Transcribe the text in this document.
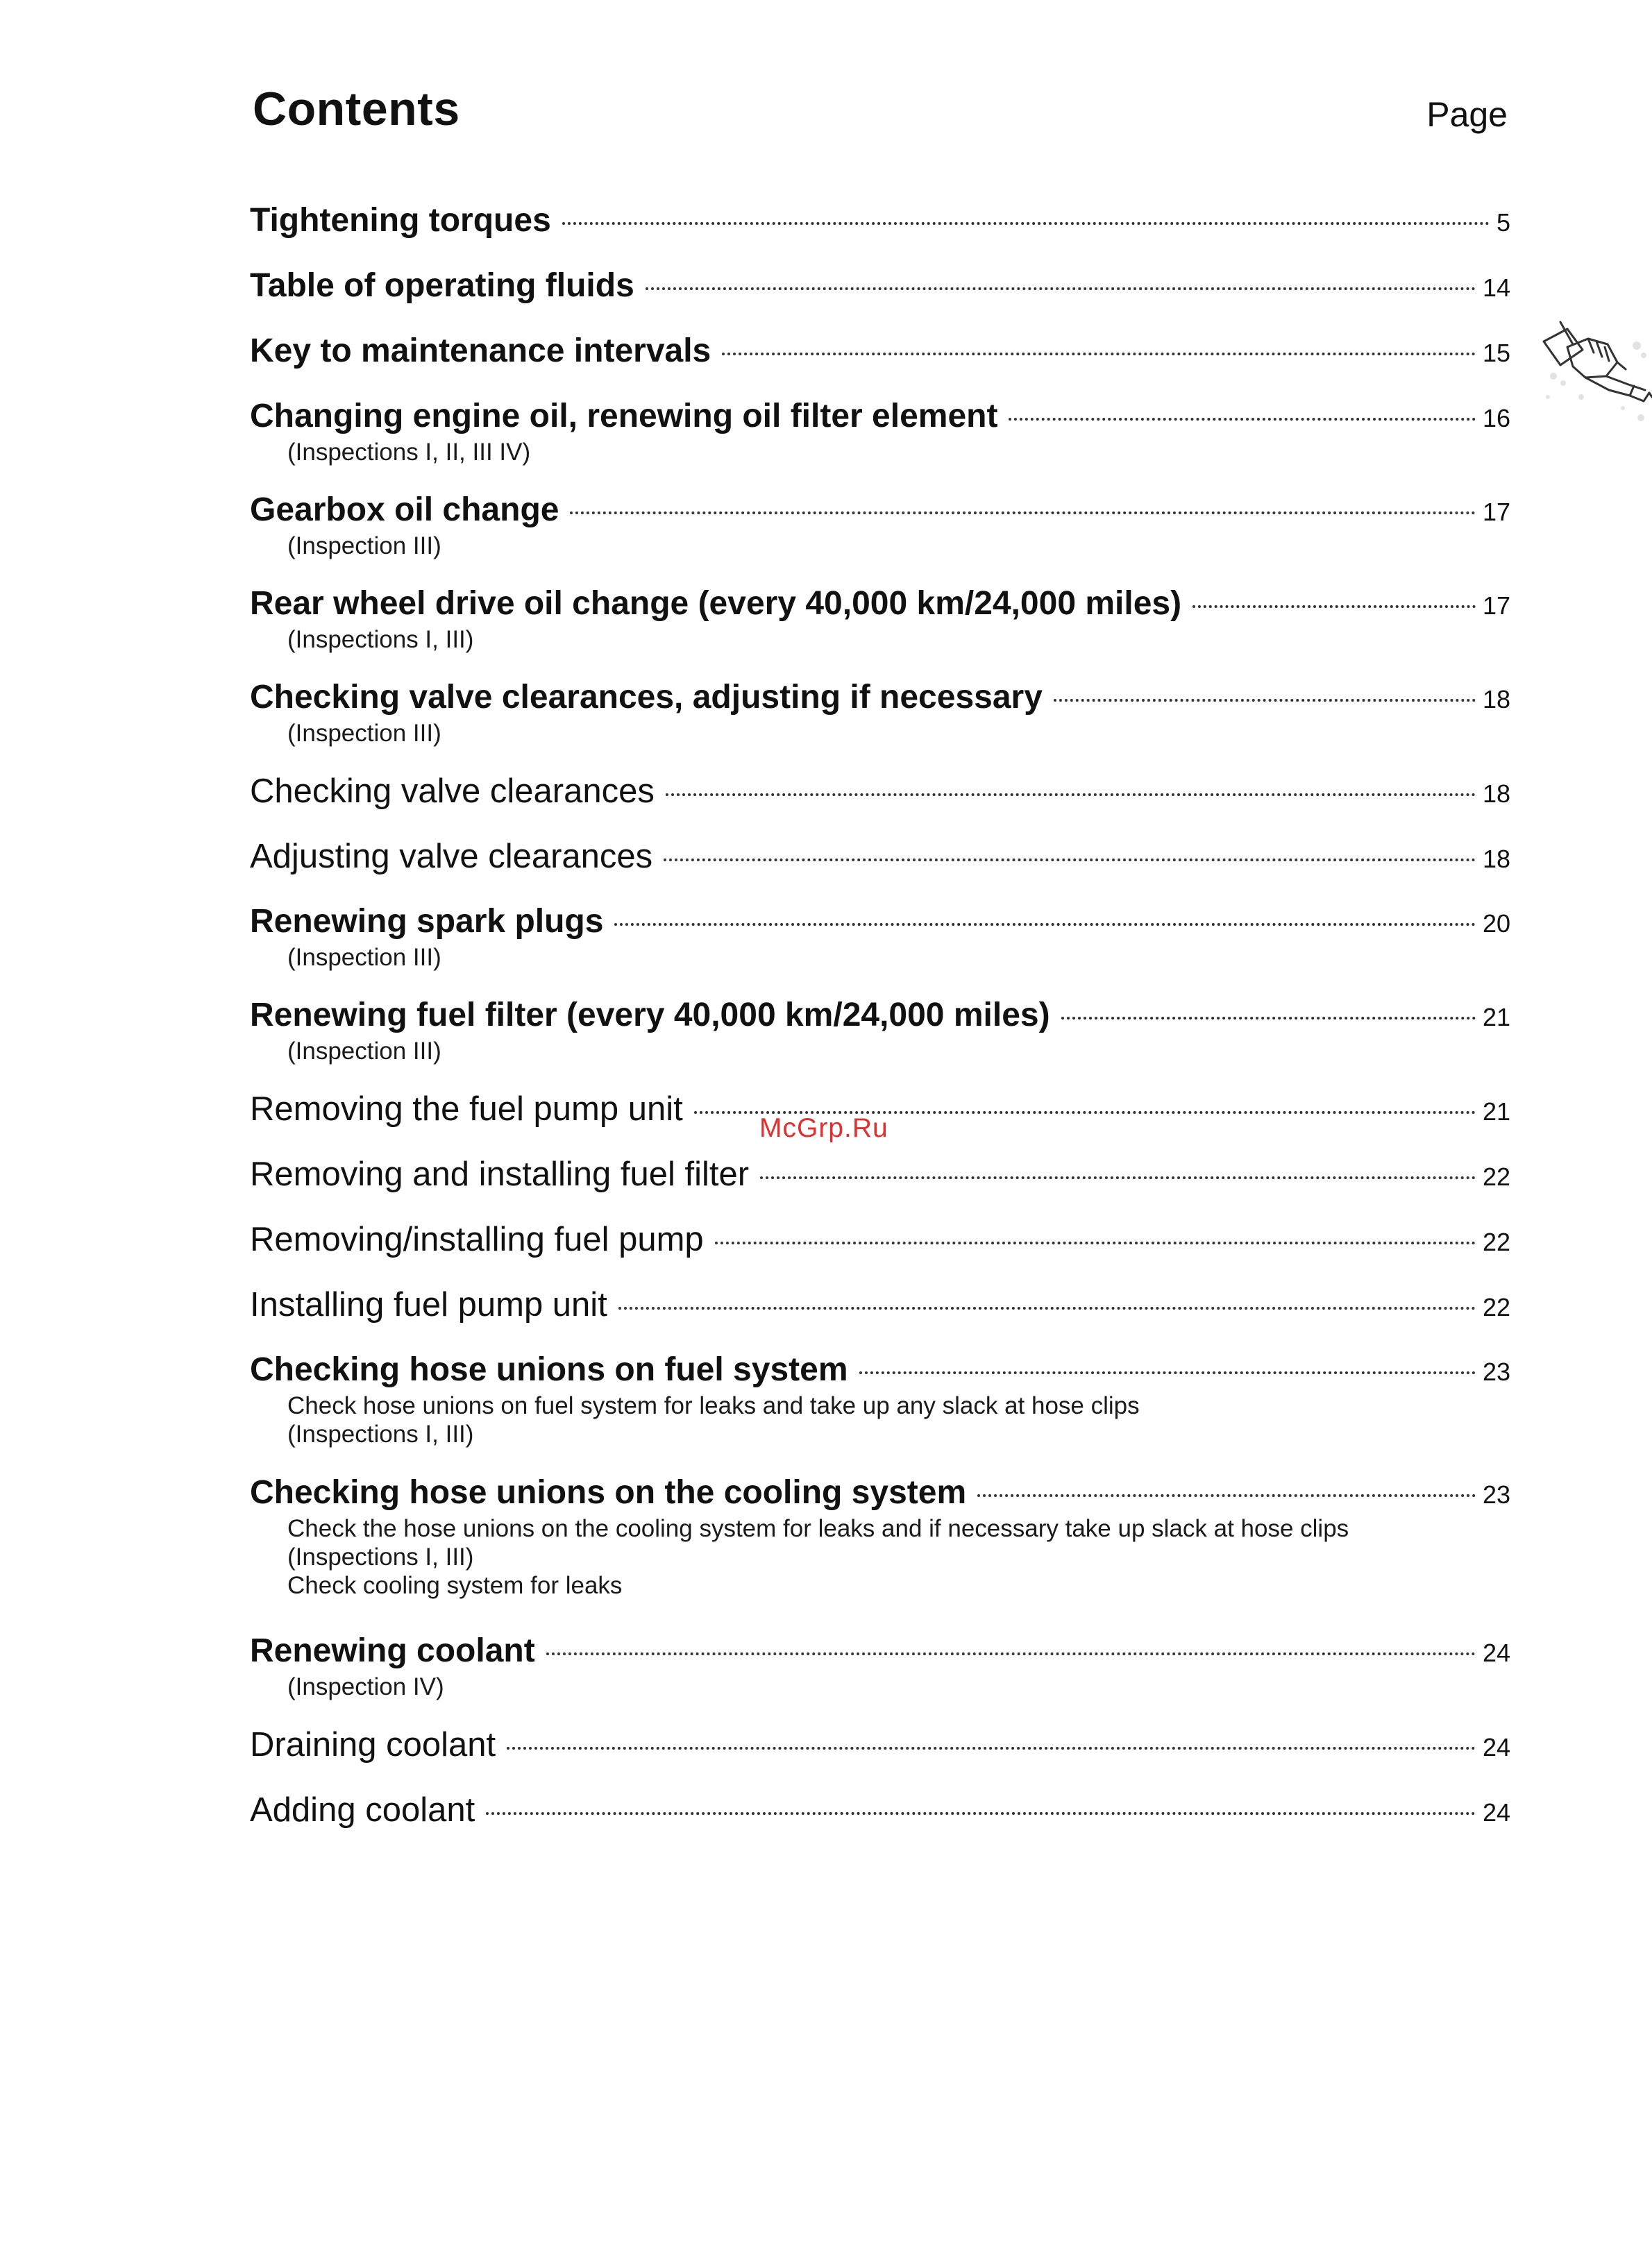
Contents	Page
Tightening torques	5
Table of operating fluids	14
Key to maintenance intervals	15
Changing engine oil, renewing oil filter element	16
(Inspections I, II, III IV)
Gearbox oil change	17
(Inspection III)
Rear wheel drive oil change (every 40,000 km/24,000 miles)	17
(Inspections I, III)
Checking valve clearances, adjusting if necessary	18
(Inspection III)
Checking valve clearances	18
Adjusting valve clearances	18
Renewing spark plugs	20
(Inspection III)
Renewing fuel filter (every 40,000 km/24,000 miles)	21
(Inspection III)
Removing the fuel pump unit	21
Removing and installing fuel filter	22
Removing/installing fuel pump	22
Installing fuel pump unit	22
Checking hose unions on fuel system	23
Check hose unions on fuel system for leaks and take up any slack at hose clips
(Inspections I, III)
Checking hose unions on the cooling system	23
Check the hose unions on the cooling system for leaks and if necessary take up slack at hose clips
(Inspections I, III)
Check cooling system for leaks
Renewing coolant	24
(Inspection IV)
Draining coolant	24
Adding coolant	24
McGrp.Ru
